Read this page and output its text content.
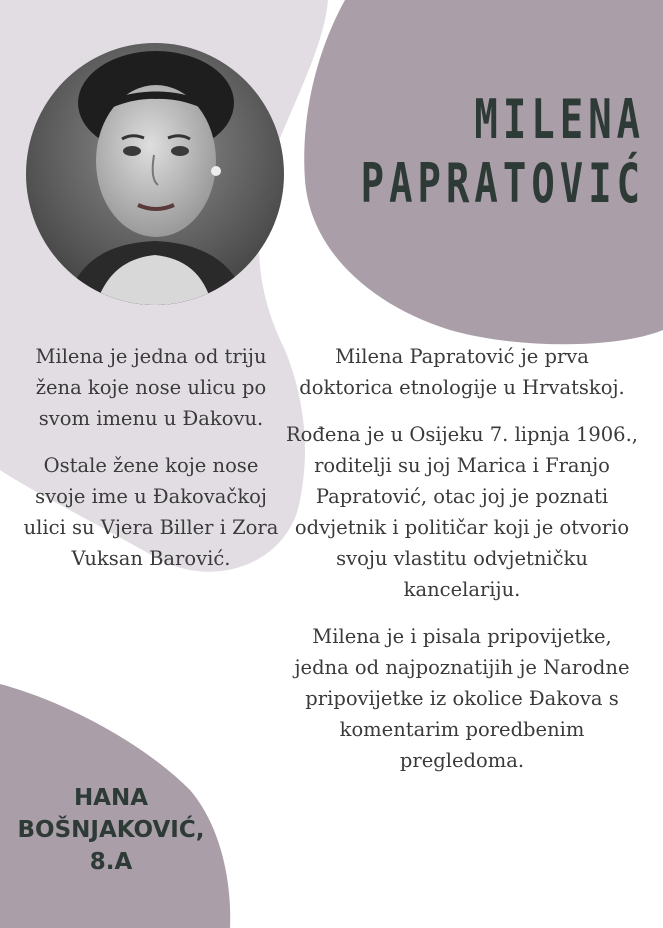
MILENA
PAPRATOVIĆ

Milena je jedna od triju žena koje nose ulicu po svom imenu u Đakovu.

Ostale žene koje nose svoje ime u Đakovačkoj ulici su Vjera Biller i Zora Vuksan Barović.

Milena Papratović je prva doktorica etnologije u Hrvatskoj.

Rođena je u Osijeku 7. lipnja 1906., roditelji su joj Marica i Franjo Papratović, otac joj je poznati odvjetnik i političar koji je otvorio svoju vlastitu odvjetničku kancelariju.

Milena je i pisala pripovijetke, jedna od najpoznatijih je Narodne pripovijetke iz okolice Đakova s komentarim poredbenim pregledoma.

HANA
BOŠNJAKOVIĆ,
8.A
